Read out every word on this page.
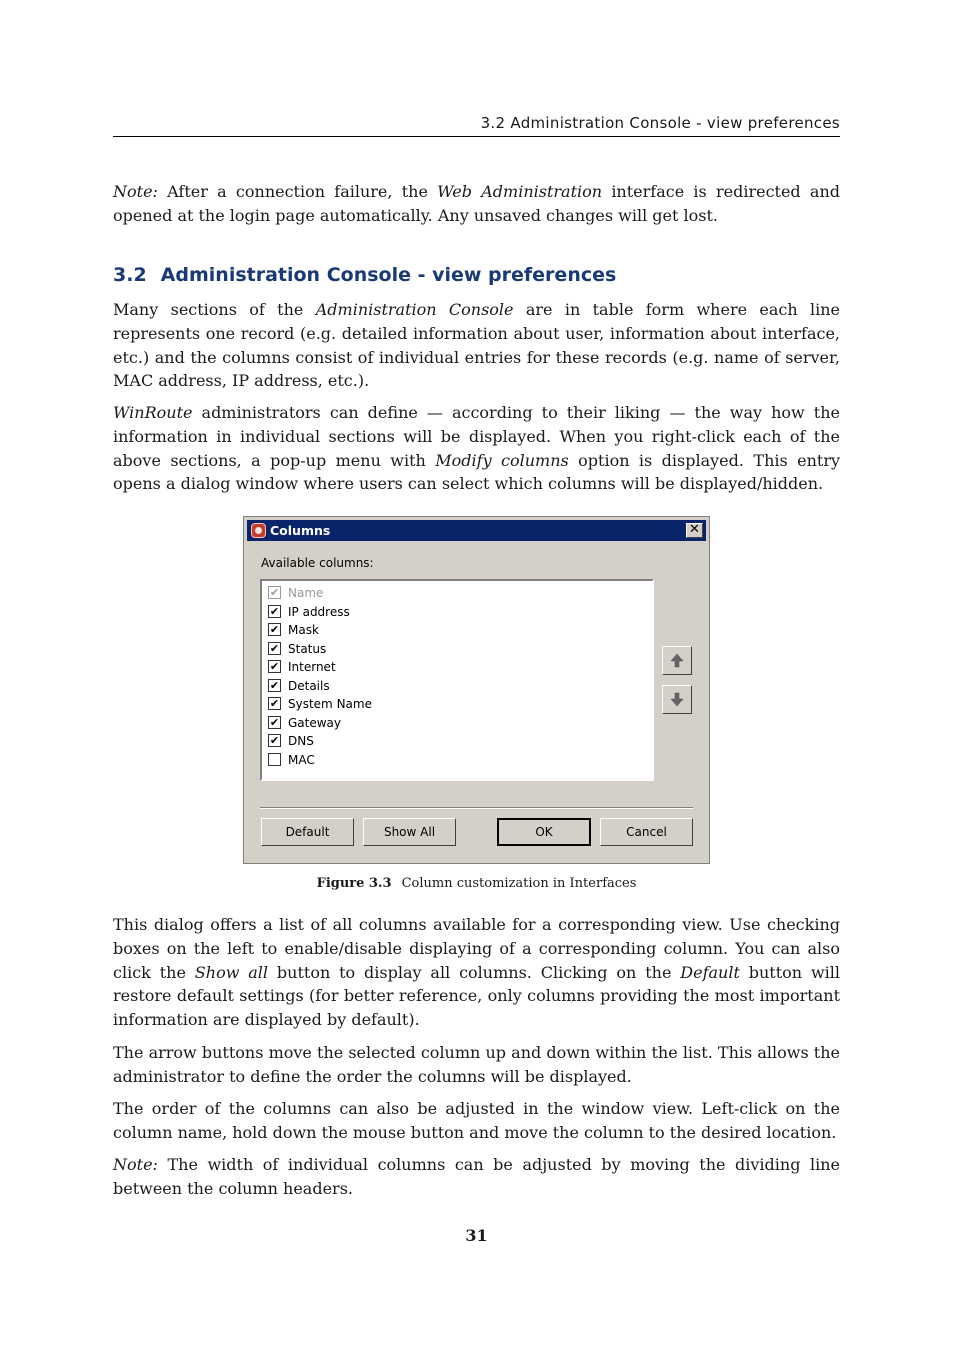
3.2 Administration Console - view preferences

Note: After a connection failure, the Web Administration interface is redirected and opened at the login page automatically. Any unsaved changes will get lost.

3.2 Administration Console - view preferences

Many sections of the Administration Console are in table form where each line represents one record (e.g. detailed information about user, information about interface, etc.) and the columns consist of individual entries for these records (e.g. name of server, MAC address, IP address, etc.).

WinRoute administrators can define — according to their liking — the way how the information in individual sections will be displayed. When you right-click each of the above sections, a pop-up menu with Modify columns option is displayed. This entry opens a dialog window where users can select which columns will be displayed/hidden.

Columns	✕
Available columns:
✔ Name
✔ IP address
✔ Mask
✔ Status
✔ Internet
✔ Details
✔ System Name
✔ Gateway
✔ DNS
MAC
Default	Show All	OK	Cancel
Figure 3.3 Column customization in Interfaces

This dialog offers a list of all columns available for a corresponding view. Use checking boxes on the left to enable/disable displaying of a corresponding column. You can also click the Show all button to display all columns. Clicking on the Default button will restore default settings (for better reference, only columns providing the most important information are displayed by default).

The arrow buttons move the selected column up and down within the list. This allows the administrator to define the order the columns will be displayed.

The order of the columns can also be adjusted in the window view. Left-click on the column name, hold down the mouse button and move the column to the desired location.

Note: The width of individual columns can be adjusted by moving the dividing line between the column headers.

31
